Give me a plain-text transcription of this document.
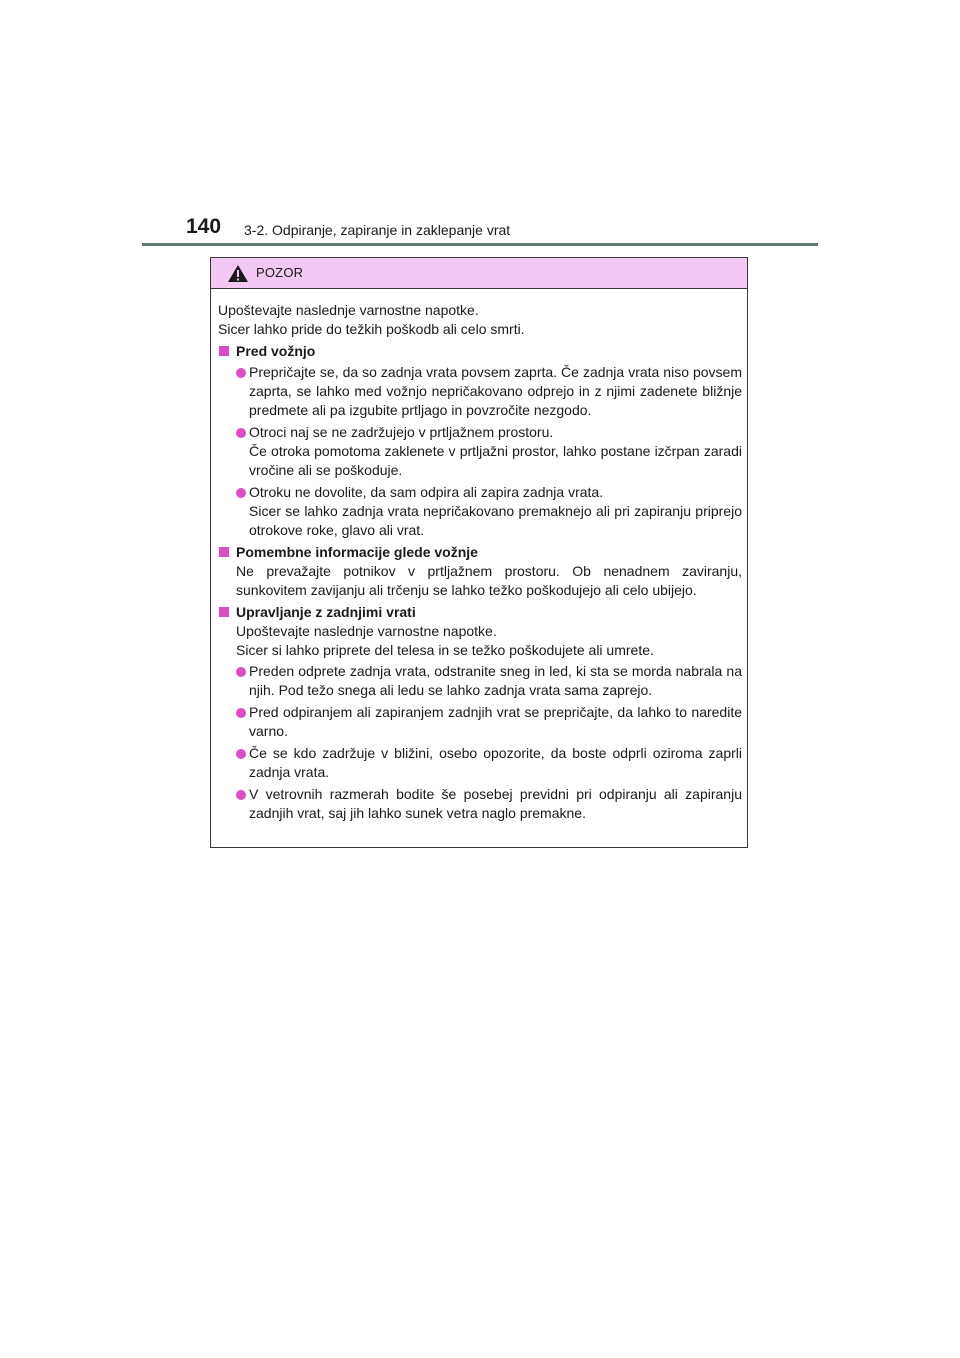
140 3-2. Odpiranje, zapiranje in zaklepanje vrat
POZOR

Upoštevajte naslednje varnostne napotke.

Sicer lahko pride do težkih poškodb ali celo smrti.

Pred vožnjo

Prepričajte se, da so zadnja vrata povsem zaprta. Če zadnja vrata niso povsem zaprta, se lahko med vožnjo nepričakovano odprejo in z njimi zadenete bližnje predmete ali pa izgubite prtljago in povzročite nezgodo.
Otroci naj se ne zadržujejo v prtljažnem prostoru.
Če otroka pomotoma zaklenete v prtljažni prostor, lahko postane izčrpan zaradi vročine ali se poškoduje.
Otroku ne dovolite, da sam odpira ali zapira zadnja vrata.
Sicer se lahko zadnja vrata nepričakovano premaknejo ali pri zapiranju priprejo otrokove roke, glavo ali vrat.

Pomembne informacije glede vožnje

Ne prevažajte potnikov v prtljažnem prostoru. Ob nenadnem zaviranju, sunkovitem zavijanju ali trčenju se lahko težko poškodujejo ali celo ubijejo.

Upravljanje z zadnjimi vrati

Upoštevajte naslednje varnostne napotke.
Sicer si lahko priprete del telesa in se težko poškodujete ali umrete.

Preden odprete zadnja vrata, odstranite sneg in led, ki sta se morda nabrala na njih. Pod težo snega ali ledu se lahko zadnja vrata sama zaprejo.
Pred odpiranjem ali zapiranjem zadnjih vrat se prepričajte, da lahko to naredite varno.
Če se kdo zadržuje v bližini, osebo opozorite, da boste odprli oziroma zaprli zadnja vrata.
V vetrovnih razmerah bodite še posebej previdni pri odpiranju ali zapiranju zadnjih vrat, saj jih lahko sunek vetra naglo premakne.
